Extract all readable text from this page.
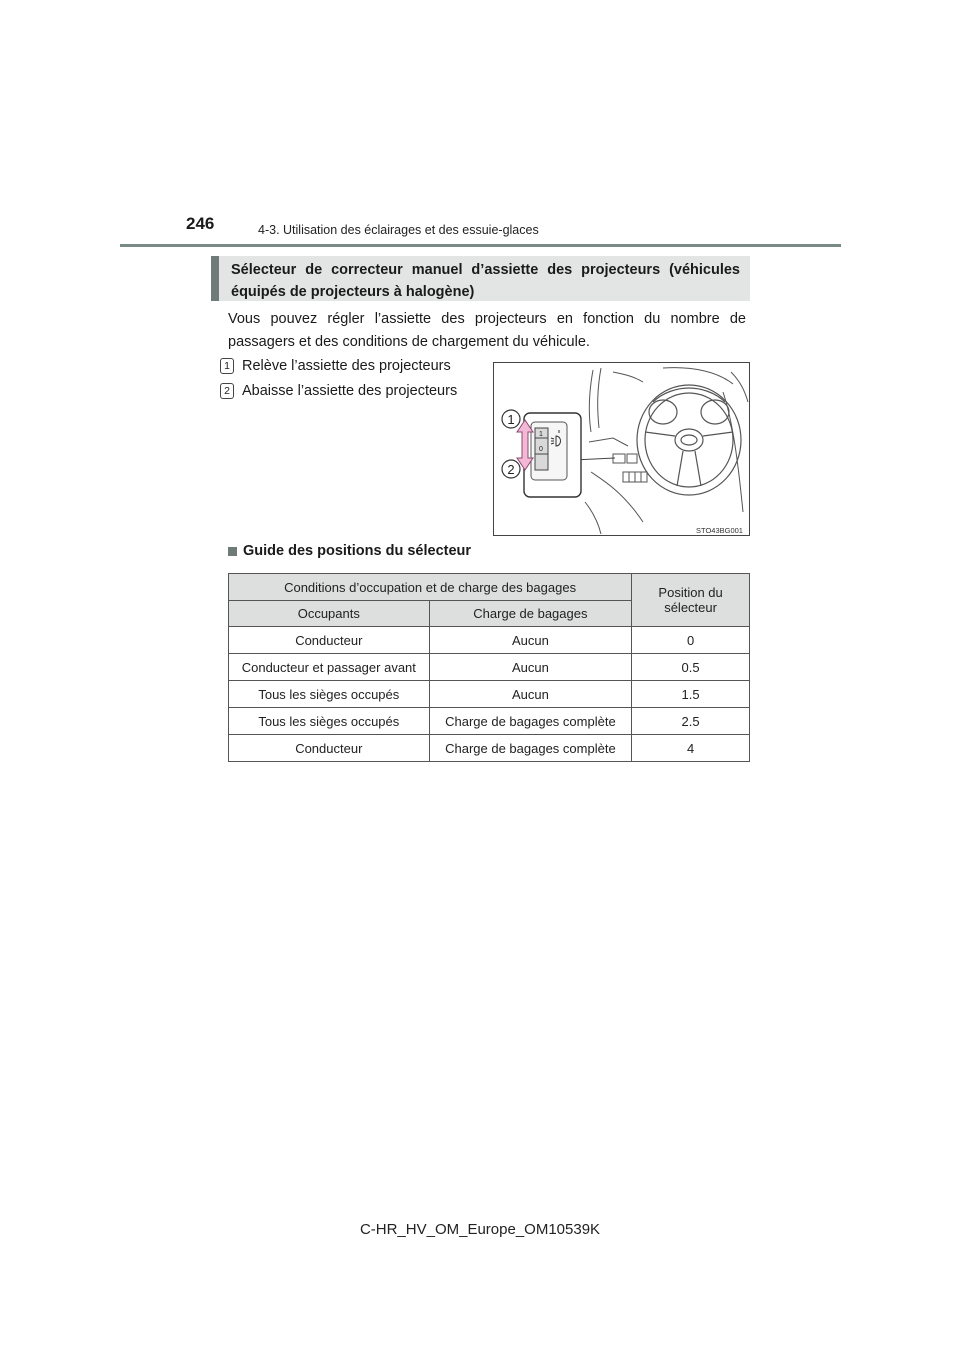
246	4-3. Utilisation des éclairages et des essuie-glaces
Sélecteur de correcteur manuel d’assiette des projecteurs (véhicules équipés de projecteurs à halogène)
Vous pouvez régler l’assiette des projecteurs en fonction du nombre de passagers et des conditions de chargement du véhicule.
1 Relève l’assiette des projecteurs
2 Abaisse l’assiette des projecteurs
1
0
1
2
STO43BG001
Guide des positions du sélecteur
Conditions d’occupation et de charge des bagages		Position du sélecteur
Occupants	Charge de bagages	
Conducteur	Aucun	0
Conducteur et passager avant	Aucun	0.5
Tous les sièges occupés	Aucun	1.5
Tous les sièges occupés	Charge de bagages complète	2.5
Conducteur	Charge de bagages complète	4
C-HR_HV_OM_Europe_OM10539K
